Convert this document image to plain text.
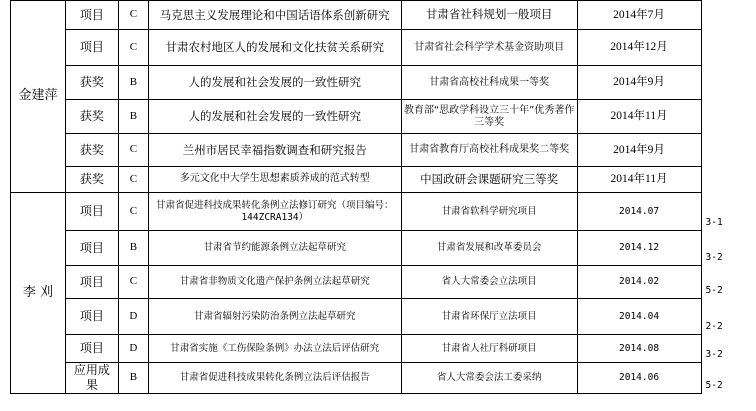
金建萍	项目	C	马克思主义发展理论和中国话语体系创新研究	甘肃省社科规划一般项目	2014年7月	
	项目	C	甘肃农村地区人的发展和文化扶贫关系研究	甘肃省社会科学学术基金资助项目	2014年12月	
	获奖	B	人的发展和社会发展的一致性研究	甘肃省高校社科成果一等奖	2014年9月	
	获奖	B	人的发展和社会发展的一致性研究	教育部“思政学科设立三十年”优秀著作三等奖	2014年11月	
	获奖	C	兰州市居民幸福指数调查和研究报告	甘肃省教育厅高校社科成果奖二等奖	2014年9月	
	获奖	C	多元文化中大学生思想素质养成的范式转型	中国政研会课题研究三等奖	2014年11月	
李 刈	项目	C	甘肃省促进科技成果转化条例立法修订研究（项目编号：144ZCRA134）	甘肃省软科学研究项目	2014.07	3-1

	项目	B	甘肃省节约能源条例立法起草研究	甘肃省发展和改革委员会	2014.12	3-2

	项目	C	甘肃省非物质文化遗产保护条例立法起草研究	省人大常委会立法项目	2014.02	5-2

	项目	D	甘肃省辐射污染防治条例立法起草研究	甘肃省环保厅立法项目	2014.04	2-2

	项目	D	甘肃省实施《工伤保险条例》办法立法后评估研究	甘肃省人社厅科研项目	2014.08	3-2

	应用成果	B	甘肃省促进科技成果转化条例立法后评估报告	省人大常委会法工委采纳	2014.06	5-2
